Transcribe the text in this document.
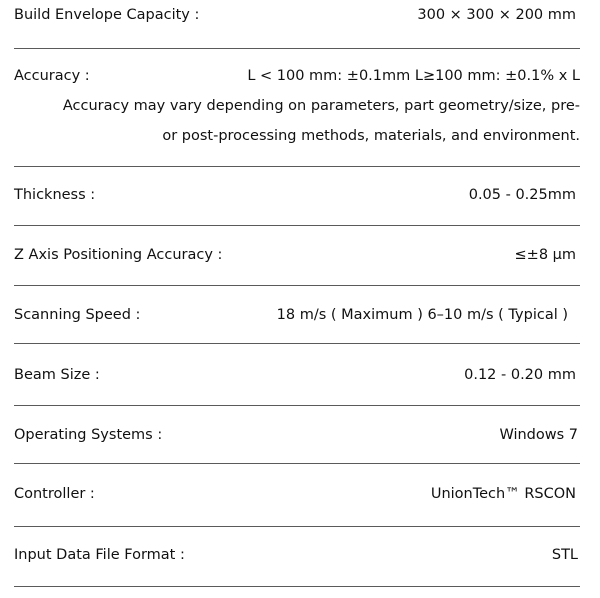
Build Envelope Capacity :	300 × 300 × 200 mm
Accuracy :	L < 100 mm: ±0.1mm L≥100 mm: ±0.1% x L
Accuracy may vary depending on parameters, part geometry/size, pre- or post-processing methods, materials, and environment.
Thickness :	0.05 - 0.25mm
Z Axis Positioning Accuracy :	≤±8 µm
Scanning Speed :	18 m/s ( Maximum ) 6–10 m/s ( Typical )
Beam Size :	0.12 - 0.20 mm
Operating Systems :	Windows 7
Controller :	UnionTech™ RSCON
Input Data File Format :	STL
